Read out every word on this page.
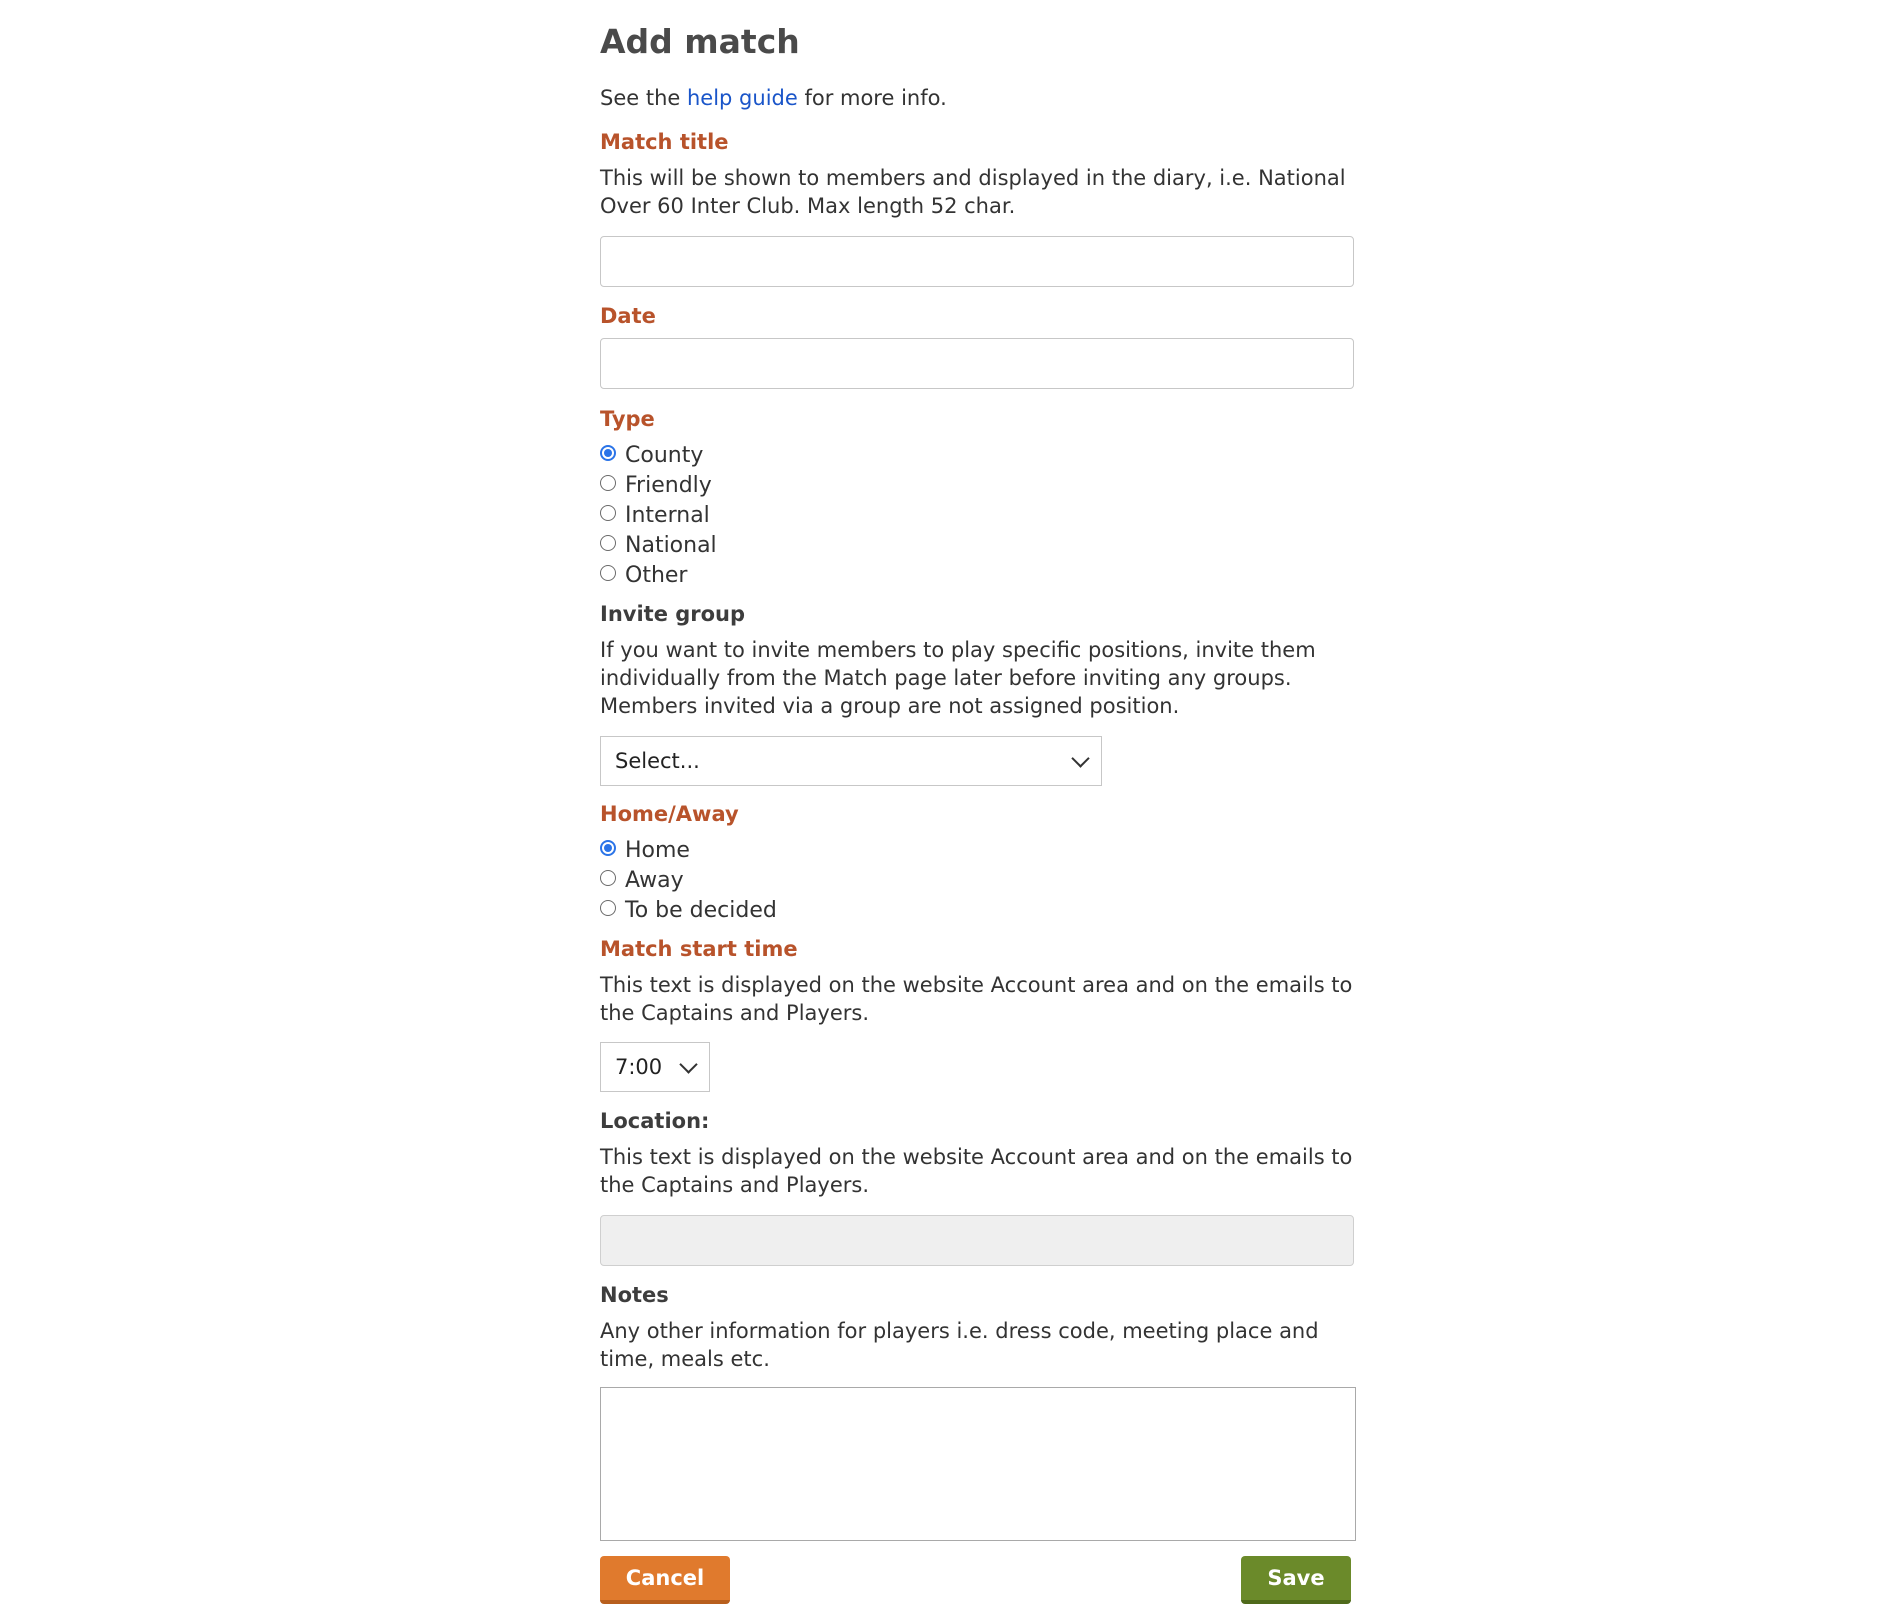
Add match

See the help guide for more info.

Match title

This will be shown to members and displayed in the diary, i.e. National Over 60 Inter Club. Max length 52 char.

Date
Type
County
Friendly
Internal
National
Other
Invite group

If you want to invite members to play specific positions, invite them individually from the Match page later before inviting any groups. Members invited via a group are not assigned position.

Select...
Home/Away
Home
Away
To be decided
Match start time

This text is displayed on the website Account area and on the emails to the Captains and Players.

7:00
Location:

This text is displayed on the website Account area and on the emails to the Captains and Players.

Notes

Any other information for players i.e. dress code, meeting place and time, meals etc.

Cancel	Save
